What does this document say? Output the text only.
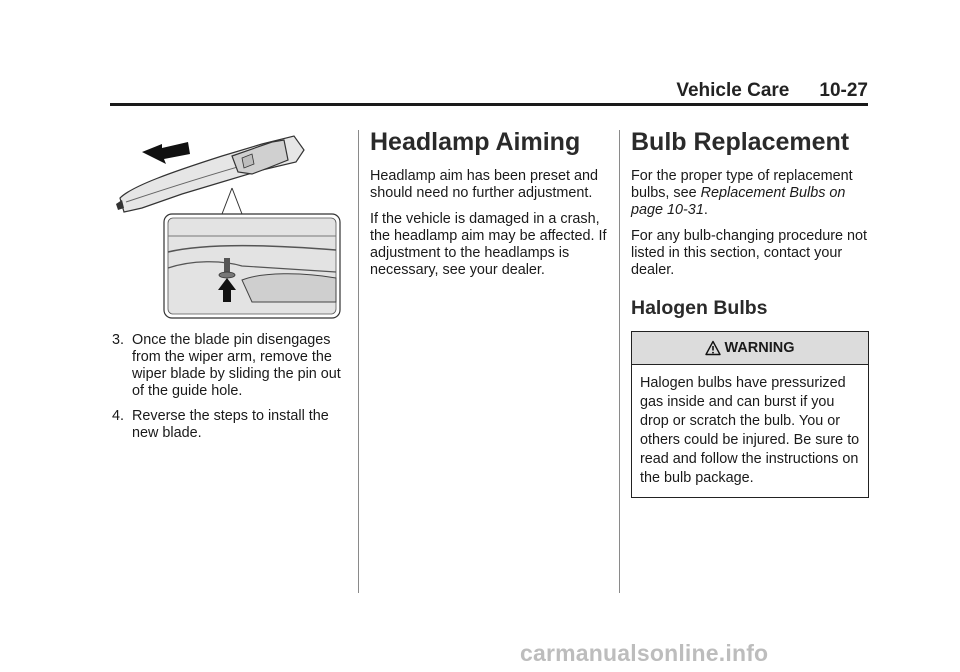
Vehicle Care 10-27
3. Once the blade pin disengages from the wiper arm, remove the wiper blade by sliding the pin out of the guide hole.
4. Reverse the steps to install the new blade.
Headlamp Aiming

Headlamp aim has been preset and should need no further adjustment.

If the vehicle is damaged in a crash, the headlamp aim may be affected. If adjustment to the headlamps is necessary, see your dealer.

Bulb Replacement

For the proper type of replacement bulbs, see Replacement Bulbs on page 10-31.

For any bulb-changing procedure not listed in this section, contact your dealer.

Halogen Bulbs
WARNING
Halogen bulbs have pressurized gas inside and can burst if you drop or scratch the bulb. You or others could be injured. Be sure to read and follow the instructions on the bulb package.
carmanualsonline.info
